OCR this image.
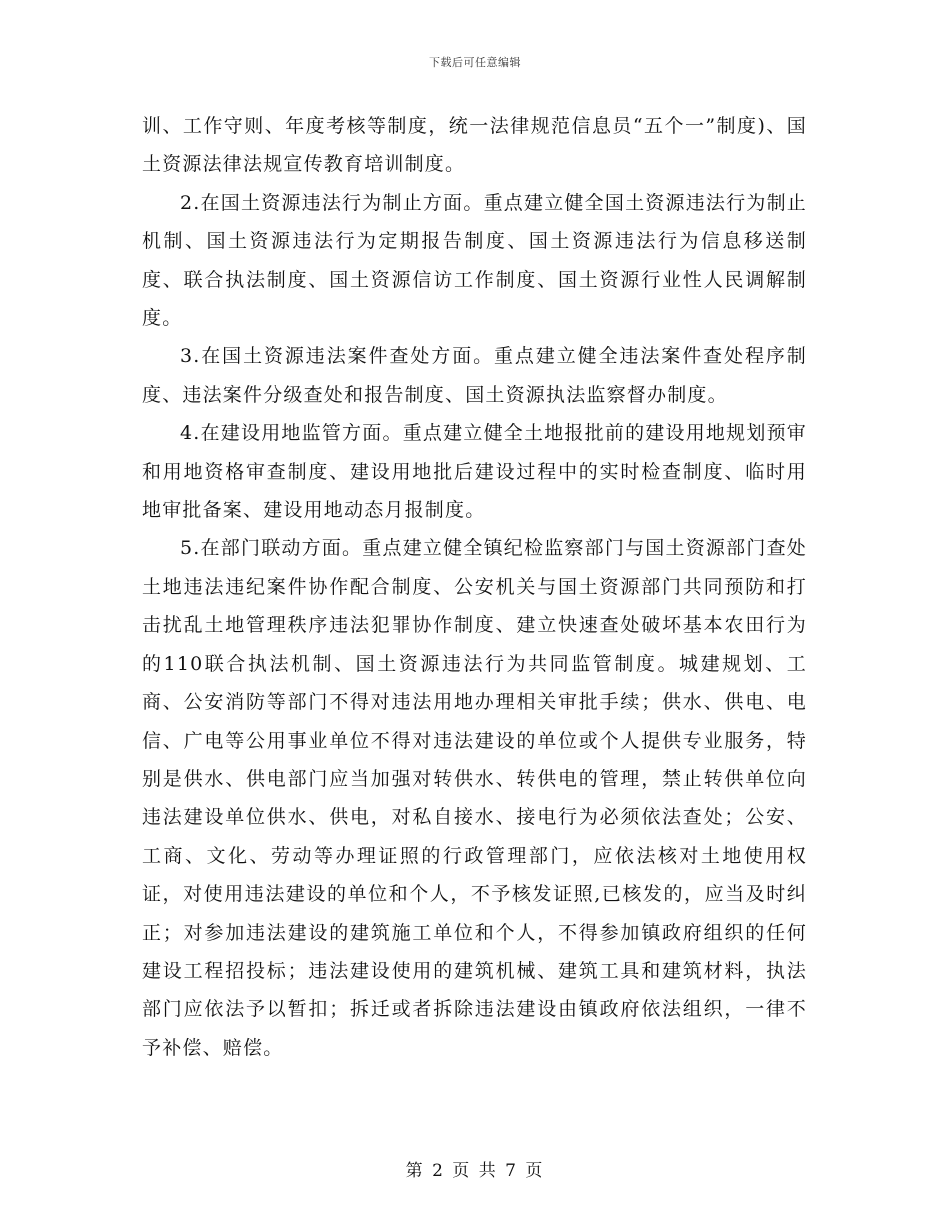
下载后可任意编辑

训、工作守则、年度考核等制度，统一法律规范信息员“五个一”制度)、国土资源法律法规宣传教育培训制度。

2.在国土资源违法行为制止方面。重点建立健全国土资源违法行为制止机制、国土资源违法行为定期报告制度、国土资源违法行为信息移送制度、联合执法制度、国土资源信访工作制度、国土资源行业性人民调解制度。

3.在国土资源违法案件查处方面。重点建立健全违法案件查处程序制度、违法案件分级查处和报告制度、国土资源执法监察督办制度。

4.在建设用地监管方面。重点建立健全土地报批前的建设用地规划预审和用地资格审查制度、建设用地批后建设过程中的实时检查制度、临时用地审批备案、建设用地动态月报制度。

5.在部门联动方面。重点建立健全镇纪检监察部门与国土资源部门查处土地违法违纪案件协作配合制度、公安机关与国土资源部门共同预防和打击扰乱土地管理秩序违法犯罪协作制度、建立快速查处破坏基本农田行为的110联合执法机制、国土资源违法行为共同监管制度。城建规划、工商、公安消防等部门不得对违法用地办理相关审批手续；供水、供电、电信、广电等公用事业单位不得对违法建设的单位或个人提供专业服务，特别是供水、供电部门应当加强对转供水、转供电的管理，禁止转供单位向违法建设单位供水、供电，对私自接水、接电行为必须依法查处；公安、工商、文化、劳动等办理证照的行政管理部门，应依法核对土地使用权证，对使用违法建设的单位和个人，不予核发证照,已核发的，应当及时纠正；对参加违法建设的建筑施工单位和个人，不得参加镇政府组织的任何建设工程招投标；违法建设使用的建筑机械、建筑工具和建筑材料，执法部门应依法予以暂扣；拆迁或者拆除违法建设由镇政府依法组织，一律不予补偿、赔偿。

第 2 页 共 7 页
